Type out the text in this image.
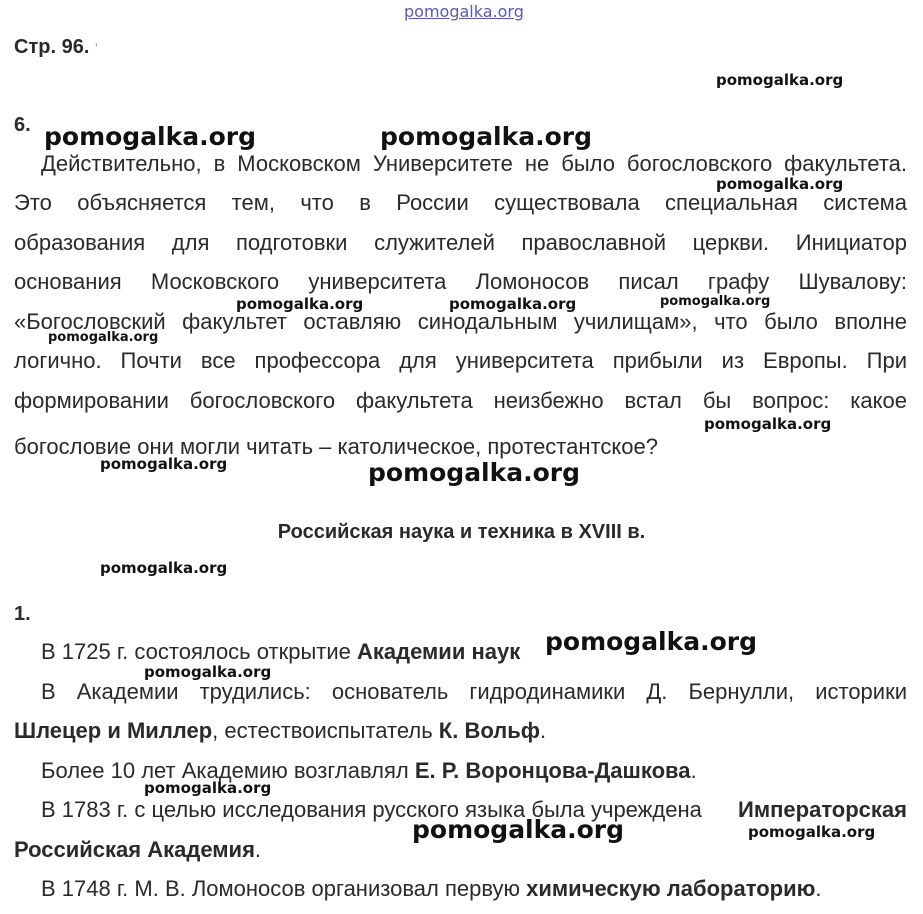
pomogalka.org
Стр. 96. '
pomogalka.org
6. pomogalka.org	pomogalka.org
Действительно, в Московском Университете не было богословского факультета.
pomogalka.org
Это объясняется тем, что в России существовала специальная система
образования для подготовки служителей православной церкви. Инициатор
основания Московского университета Ломоносов писал графу Шувалову:
pomogalka.org	pomogalka.org	pomogalka.org
pomogalka.org
«Богословский факультет оставляю синодальным училищам», что было вполне
логично. Почти все профессора для университета прибыли из Европы. При
формировании богословского факультета неизбежно встал бы вопрос: какое
pomogalka.org
богословие они могли читать – католическое, протестантское?
pomogalka.org	pomogalka.org
Российская наука и техника в XVIII в.
pomogalka.org
1.
В 1725 г. состоялось открытие Академии наук pomogalka.org
pomogalka.org
В Академии трудились: основатель гидродинамики Д. Бернулли, историки
Шлецер и Миллер, естествоиспытатель К. Вольф.
Более 10 лет Академию возглавлял Е. Р. Воронцова-Дашкова.
pomogalka.org
В 1783 г. с целью исследования русского языка была учреждена Императорская
pomogalka.org	pomogalka.org
Российская Академия.
В 1748 г. М. В. Ломоносов организовал первую химическую лабораторию.
